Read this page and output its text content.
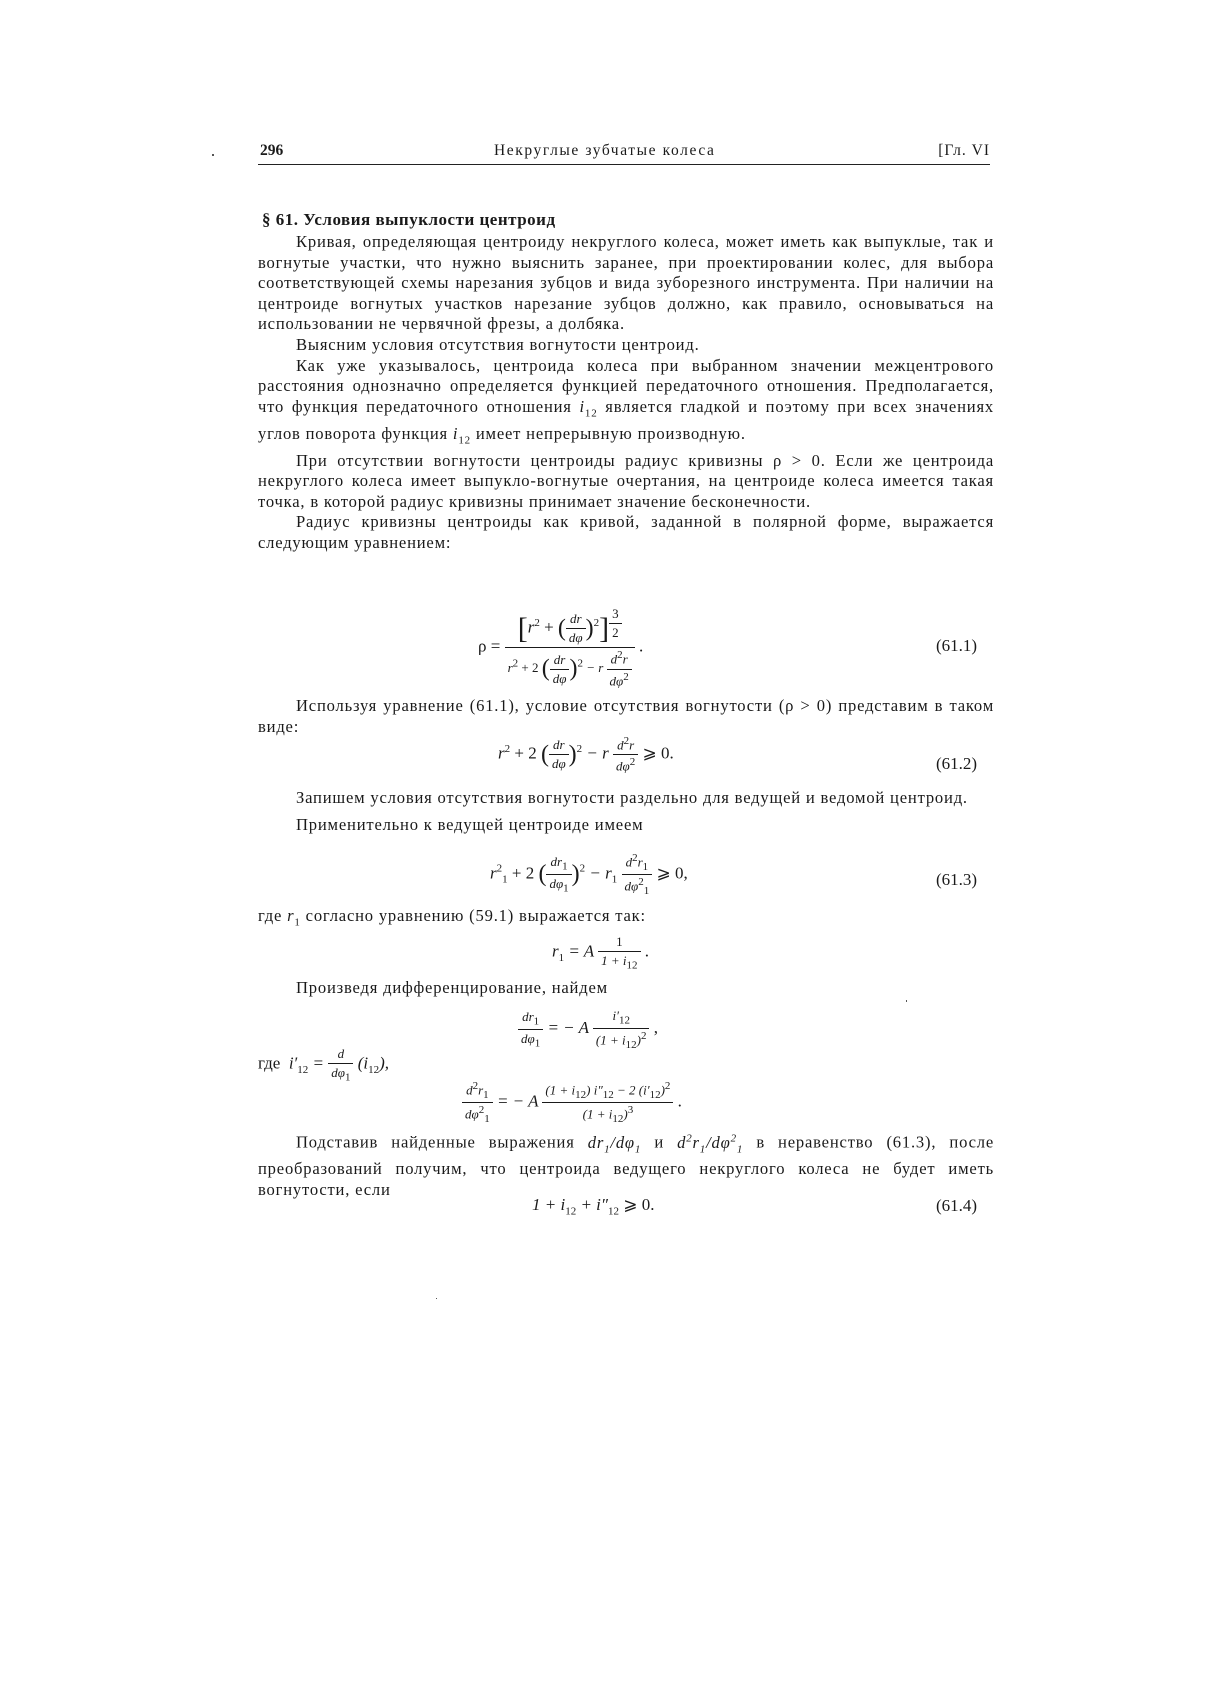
296	Некруглые зубчатые колеса	[Гл. VI
§ 61. Условия выпуклости центроид

Кривая, определяющая центроиду некруглого колеса, может иметь как выпуклые, так и вогнутые участки, что нужно выяснить заранее, при проектировании колес, для выбора соответствующей схемы нарезания зубцов и вида зуборезного инструмента. При наличии на центроиде вогнутых участков нарезание зубцов должно, как правило, основываться на использовании не червячной фрезы, а долбяка.

Выясним условия отсутствия вогнутости центроид.

Как уже указывалось, центроида колеса при выбранном значении межцентрового расстояния однозначно определяется функцией передаточного отношения. Предполагается, что функция передаточного отношения $i_{12}$ является гладкой и поэтому при всех значениях углов поворота функция $i_{12}$ имеет непрерывную производную.

При отсутствии вогнутости центроиды радиус кривизны ρ > 0. Если же центроида некруглого колеса имеет выпукло-вогнутые очертания, на центроиде колеса имеется такая точка, в которой радиус кривизны принимает значение бесконечности.

Радиус кривизны центроиды как кривой, заданной в полярной форме, выражается следующим уравнением:

$\rho = [r^2$ + ( $\frac{dr}{d\varphi} )^2$] $^{\frac{3}{2}}$
$r^2 + 2$ ( $\frac{dr}{d\varphi} )^2 - r \frac{d^2r}{d\varphi^2}$ .	(61.1)

Используя уравнение (61.1), условие отсутствия вогнутости (ρ > 0) представим в таком виде:

$r^2 + 2$ ( $\frac{dr}{d\varphi} )^2 - r \frac{d^2r}{d\varphi^2}$ ⩾ 0.
(61.2)

Запишем условия отсутствия вогнутости раздельно для ведущей и ведомой центроид.

Применительно к ведущей центроиде имеем

$r^2_1 + 2$ ( $\frac{dr_1}{d\varphi_1} )^2 - r_1 \frac{d^2r_1}{d\varphi^2_1}$ ⩾ 0,	(61.3)

где $r_1$ согласно уравнению (59.1) выражается так:

$r_1 = A \frac{1}{1 + i_{12}}$ .

Произведя дифференцирование, найдем

$\frac{dr_1}{d\varphi_1}$ = − A $\frac{i'_{12}}{(1 + i_{12})^2}$ ,
где $i'_{12} = \frac{d}{d\varphi_1} (i_{12})$,
$\frac{d^2r_1}{d\varphi^2_1}$ = − A $\frac{(1 + i_{12}) i''_{12} - 2 (i'_{12})^2}{(1 + i_{12})^3}$ .

Подставив найденные выражения $dr_1/d\varphi_1$ и $d^2r_1/d\varphi^2_1$ в неравенство (61.3), после преобразований получим, что центроида ведущего некруглого колеса не будет иметь вогнутости, если

$1 + i_{12} + i''_{12}$ ⩾ 0.	(61.4)
